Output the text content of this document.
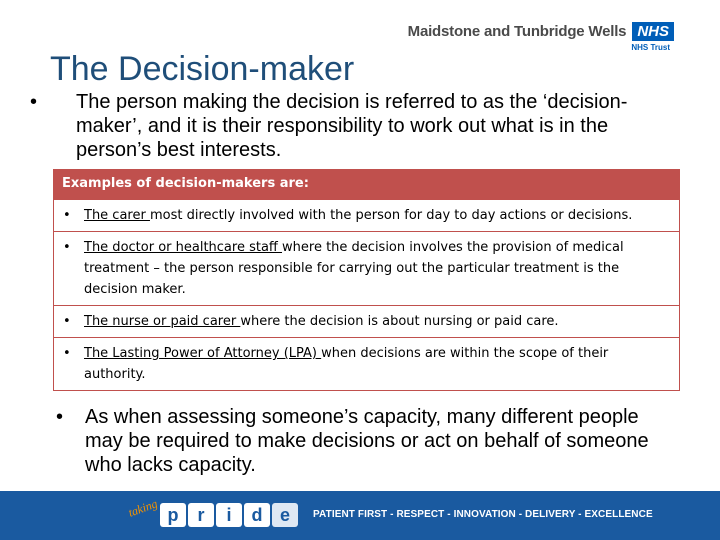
Maidstone and Tunbridge Wells NHS
NHS Trust
The Decision-maker
• The person making the decision is referred to as the ‘decision-maker’, and it is their responsibility to work out what is in the person’s best interests.
Examples of decision-makers are:
• The carer most directly involved with the person for day to day actions or decisions.
• The doctor or healthcare staff where the decision involves the provision of medical treatment – the person responsible for carrying out the particular treatment is the decision maker.
• The nurse or paid carer where the decision is about nursing or paid care.
• The Lasting Power of Attorney (LPA) when decisions are within the scope of their authority.
• As when assessing someone’s capacity, many different people may be required to make decisions or act on behalf of someone who lacks capacity.
taking p	r	i	d e	PATIENT FIRST - RESPECT - INNOVATION - DELIVERY - EXCELLENCE
